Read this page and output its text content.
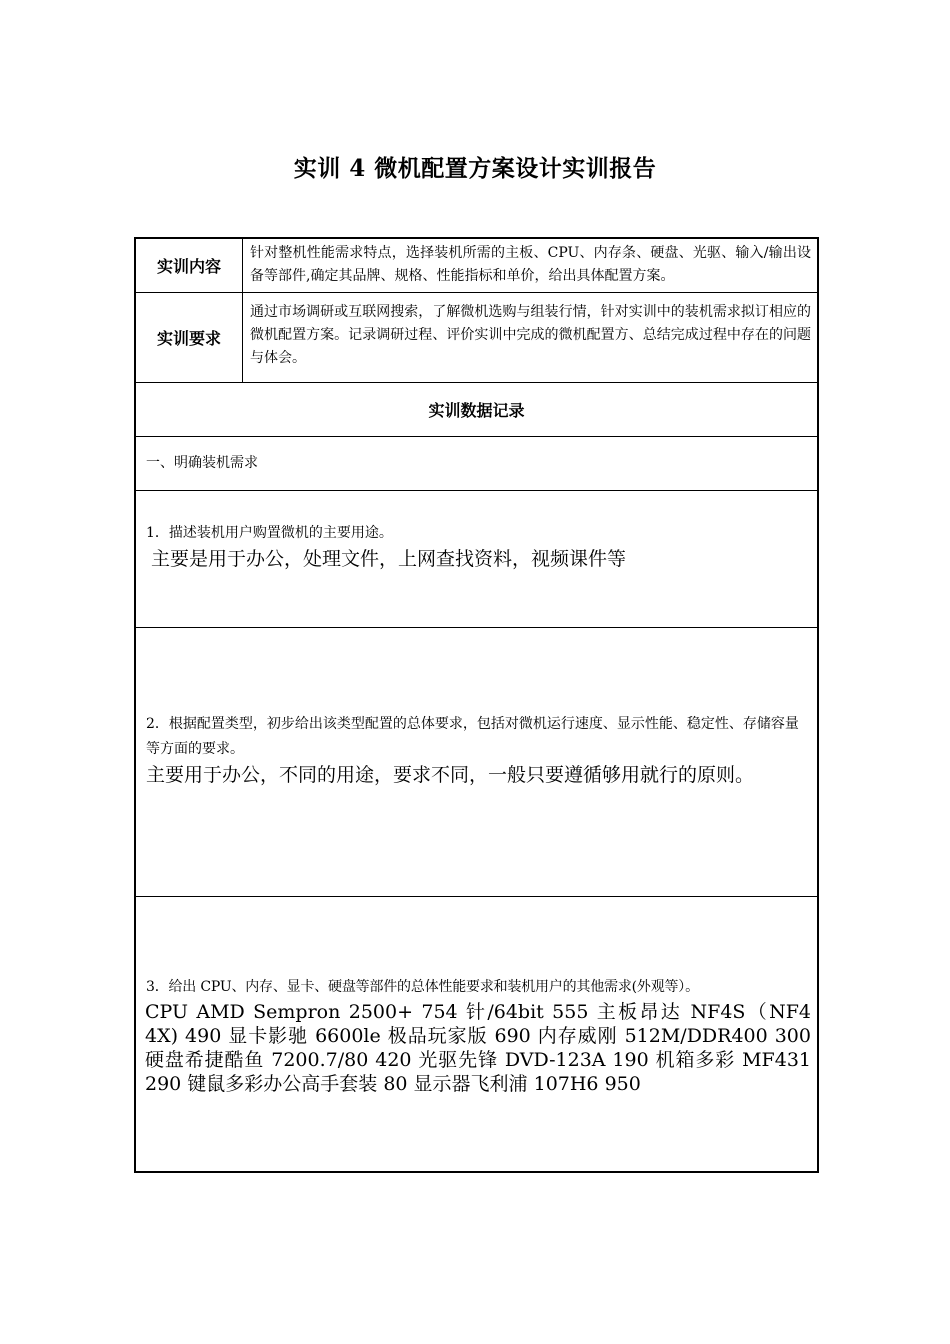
实训 4 微机配置方案设计实训报告
实训内容
针对整机性能需求特点，选择装机所需的主板、CPU、内存条、硬盘、光驱、输入/输出设备等部件,确定其品牌、规格、性能指标和单价，给出具体配置方案。
实训要求
通过市场调研或互联网搜索，了解微机选购与组装行情，针对实训中的装机需求拟订相应的微机配置方案。记录调研过程、评价实训中完成的微机配置方、总结完成过程中存在的问题与体会。
实训数据记录
一、明确装机需求
1．描述装机用户购置微机的主要用途。
主要是用于办公，处理文件，上网查找资料，视频课件等
2．根据配置类型，初步给出该类型配置的总体要求，包括对微机运行速度、显示性能、稳定性、存储容量等方面的要求。
主要用于办公，不同的用途，要求不同，一般只要遵循够用就行的原则。
3．给出 CPU、内存、显卡、硬盘等部件的总体性能要求和装机用户的其他需求(外观等）。
CPU AMD Sempron 2500+ 754 针/64bit 555 主板昂达 NF4S（NF4 4X) 490 显卡影驰 6600le 极品玩家版 690 内存威刚 512M/DDR400 300 硬盘希捷酷鱼 7200.7/80 420 光驱先锋 DVD-123A 190 机箱多彩 MF431 290 键鼠多彩办公高手套装 80 显示器飞利浦 107H6 950
